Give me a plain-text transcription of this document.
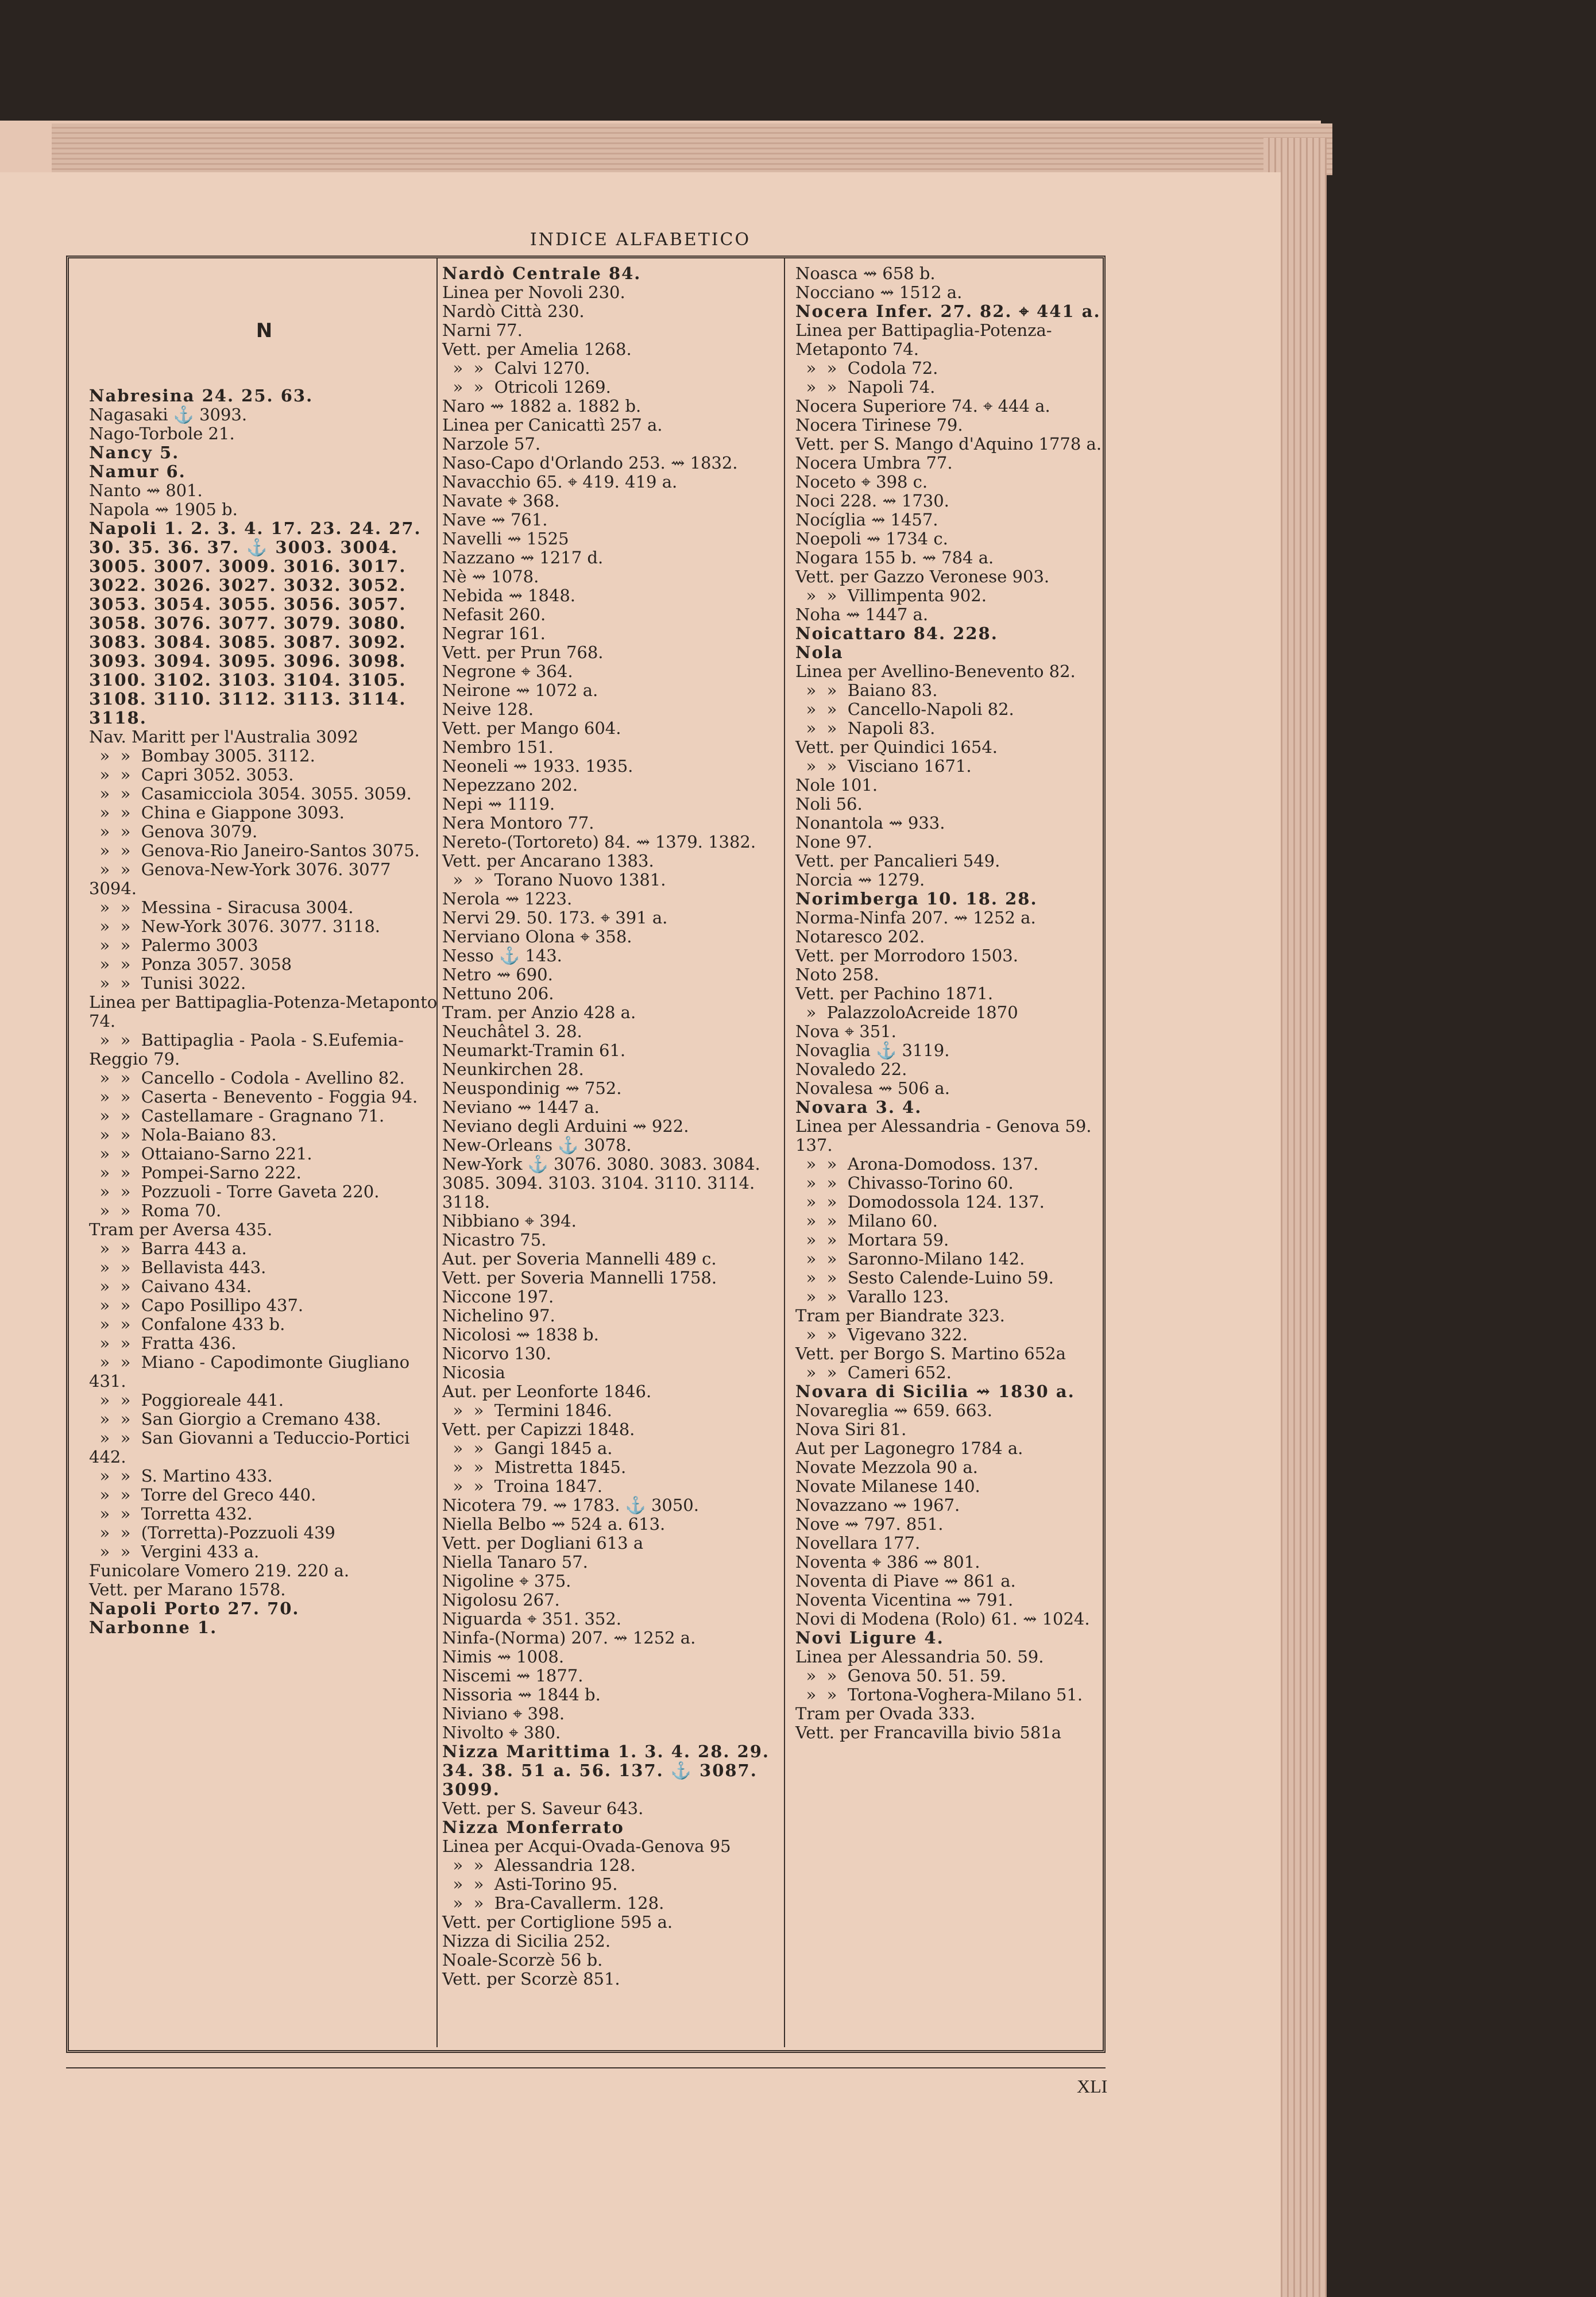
INDICE ALFABETICO
N
Nabresina 24. 25. 63.
Nagasaki ⚓ 3093.
Nago-Torbole 21.
Nancy 5.
Namur 6.
Nanto ⇝ 801.
Napola ⇝ 1905 b.
Napoli 1. 2. 3. 4. 17. 23. 24. 27. 30. 35. 36. 37. ⚓ 3003. 3004. 3005. 3007. 3009. 3016. 3017. 3022. 3026. 3027. 3032. 3052. 3053. 3054. 3055. 3056. 3057. 3058. 3076. 3077. 3079. 3080. 3083. 3084. 3085. 3087. 3092. 3093. 3094. 3095. 3096. 3098. 3100. 3102. 3103. 3104. 3105. 3108. 3110. 3112. 3113. 3114. 3118.
Nav. Maritt per l'Australia 3092
»  »  Bombay 3005. 3112.
»  »  Capri 3052. 3053.
»  »  Casamicciola 3054. 3055. 3059.
»  »  China e Giappone 3093.
»  »  Genova 3079.
»  »  Genova-Rio Janeiro-Santos 3075.
»  »  Genova-New-York 3076. 3077 3094.
»  »  Messina - Siracusa 3004.
»  »  New-York 3076. 3077. 3118.
»  »  Palermo 3003
»  »  Ponza 3057. 3058
»  »  Tunisi 3022.
Linea per Battipaglia-Potenza-Metaponto 74.
»  »  Battipaglia - Paola - S.Eufemia-Reggio 79.
»  »  Cancello - Codola - Avellino 82.
»  »  Caserta - Benevento - Foggia 94.
»  »  Castellamare - Gragnano 71.
»  »  Nola-Baiano 83.
»  »  Ottaiano-Sarno 221.
»  »  Pompei-Sarno 222.
»  »  Pozzuoli - Torre Gaveta 220.
»  »  Roma 70.
Tram per Aversa 435.
»  »  Barra 443 a.
»  »  Bellavista 443.
»  »  Caivano 434.
»  »  Capo Posillipo 437.
»  »  Confalone 433 b.
»  »  Fratta 436.
»  »  Miano - Capodimonte Giugliano 431.
»  »  Poggioreale 441.
»  »  San Giorgio a Cremano 438.
»  »  San Giovanni a Teduccio-Portici 442.
»  »  S. Martino 433.
»  »  Torre del Greco 440.
»  »  Torretta 432.
»  »  (Torretta)-Pozzuoli 439
»  »  Vergini 433 a.
Funicolare Vomero 219. 220 a.
Vett. per Marano 1578.
Napoli Porto 27. 70.
Narbonne 1.
Nardò Centrale 84.
Linea per Novoli 230.
Nardò Città 230.
Narni 77.
Vett. per Amelia 1268.
»  »  Calvi 1270.
»  »  Otricoli 1269.
Naro ⇝ 1882 a. 1882 b.
Linea per Canicattì 257 a.
Narzole 57.
Naso-Capo d'Orlando 253. ⇝ 1832.
Navacchio 65. ⌖ 419. 419 a.
Navate ⌖ 368.
Nave ⇝ 761.
Navelli ⇝ 1525
Nazzano ⇝ 1217 d.
Nè ⇝ 1078.
Nebida ⇝ 1848.
Nefasit 260.
Negrar 161.
Vett. per Prun 768.
Negrone ⌖ 364.
Neirone ⇝ 1072 a.
Neive 128.
Vett. per Mango 604.
Nembro 151.
Neoneli ⇝ 1933. 1935.
Nepezzano 202.
Nepi ⇝ 1119.
Nera Montoro 77.
Nereto-(Tortoreto) 84. ⇝ 1379. 1382.
Vett. per Ancarano 1383.
»  »  Torano Nuovo 1381.
Nerola ⇝ 1223.
Nervi 29. 50. 173. ⌖ 391 a.
Nerviano Olona ⌖ 358.
Nesso ⚓ 143.
Netro ⇝ 690.
Nettuno 206.
Tram. per Anzio 428 a.
Neuchâtel 3. 28.
Neumarkt-Tramin 61.
Neunkirchen 28.
Neuspondinig ⇝ 752.
Neviano ⇝ 1447 a.
Neviano degli Arduini ⇝ 922.
New-Orleans ⚓ 3078.
New-York ⚓ 3076. 3080. 3083. 3084. 3085. 3094. 3103. 3104. 3110. 3114. 3118.
Nibbiano ⌖ 394.
Nicastro 75.
Aut. per Soveria Mannelli 489 c.
Vett. per Soveria Mannelli 1758.
Niccone 197.
Nichelino 97.
Nicolosi ⇝ 1838 b.
Nicorvo 130.
Nicosia
Aut. per Leonforte 1846.
»  »  Termini 1846.
Vett. per Capizzi 1848.
»  »  Gangi 1845 a.
»  »  Mistretta 1845.
»  »  Troina 1847.
Nicotera 79. ⇝ 1783. ⚓ 3050.
Niella Belbo ⇝ 524 a. 613.
Vett. per Dogliani 613 a
Niella Tanaro 57.
Nigoline ⌖ 375.
Nigolosu 267.
Niguarda ⌖ 351. 352.
Ninfa-(Norma) 207. ⇝ 1252 a.
Nimis ⇝ 1008.
Niscemi ⇝ 1877.
Nissoria ⇝ 1844 b.
Niviano ⌖ 398.
Nivolto ⌖ 380.
Nizza Marittima 1. 3. 4. 28. 29. 34. 38. 51 a. 56. 137. ⚓ 3087. 3099.
Vett. per S. Saveur 643.
Nizza Monferrato
Linea per Acqui-Ovada-Genova 95
»  »  Alessandria 128.
»  »  Asti-Torino 95.
»  »  Bra-Cavallerm. 128.
Vett. per Cortiglione 595 a.
Nizza di Sicilia 252.
Noale-Scorzè 56 b.
Vett. per Scorzè 851.
Noasca ⇝ 658 b.
Nocciano ⇝ 1512 a.
Nocera Infer. 27. 82. ⌖ 441 a.
Linea per Battipaglia-Potenza-Metaponto 74.
»  »  Codola 72.
»  »  Napoli 74.
Nocera Superiore 74. ⌖ 444 a.
Nocera Tirinese 79.
Vett. per S. Mango d'Aquino 1778 a.
Nocera Umbra 77.
Noceto ⌖ 398 c.
Noci 228. ⇝ 1730.
Nocíglia ⇝ 1457.
Noepoli ⇝ 1734 c.
Nogara 155 b. ⇝ 784 a.
Vett. per Gazzo Veronese 903.
»  »  Villimpenta 902.
Noha ⇝ 1447 a.
Noicattaro 84. 228.
Nola
Linea per Avellino-Benevento 82.
»  »  Baiano 83.
»  »  Cancello-Napoli 82.
»  »  Napoli 83.
Vett. per Quindici 1654.
»  »  Visciano 1671.
Nole 101.
Noli 56.
Nonantola ⇝ 933.
None 97.
Vett. per Pancalieri 549.
Norcia ⇝ 1279.
Norimberga 10. 18. 28.
Norma-Ninfa 207. ⇝ 1252 a.
Notaresco 202.
Vett. per Morrodoro 1503.
Noto 258.
Vett. per Pachino 1871.
»  PalazzoloAcreide 1870
Nova ⌖ 351.
Novaglia ⚓ 3119.
Novaledo 22.
Novalesa ⇝ 506 a.
Novara 3. 4.
Linea per Alessandria - Genova 59. 137.
»  »  Arona-Domodoss. 137.
»  »  Chivasso-Torino 60.
»  »  Domodossola 124. 137.
»  »  Milano 60.
»  »  Mortara 59.
»  »  Saronno-Milano 142.
»  »  Sesto Calende-Luino 59.
»  »  Varallo 123.
Tram per Biandrate 323.
»  »  Vigevano 322.
Vett. per Borgo S. Martino 652a
»  »  Cameri 652.
Novara di Sicilia ⇝ 1830 a.
Novareglia ⇝ 659. 663.
Nova Siri 81.
Aut per Lagonegro 1784 a.
Novate Mezzola 90 a.
Novate Milanese 140.
Novazzano ⇝ 1967.
Nove ⇝ 797. 851.
Novellara 177.
Noventa ⌖ 386 ⇝ 801.
Noventa di Piave ⇝ 861 a.
Noventa Vicentina ⇝ 791.
Novi di Modena (Rolo) 61. ⇝ 1024.
Novi Ligure 4.
Linea per Alessandria 50. 59.
»  »  Genova 50. 51. 59.
»  »  Tortona-Voghera-Milano 51.
Tram per Ovada 333.
Vett. per Francavilla bivio 581a
XLI
